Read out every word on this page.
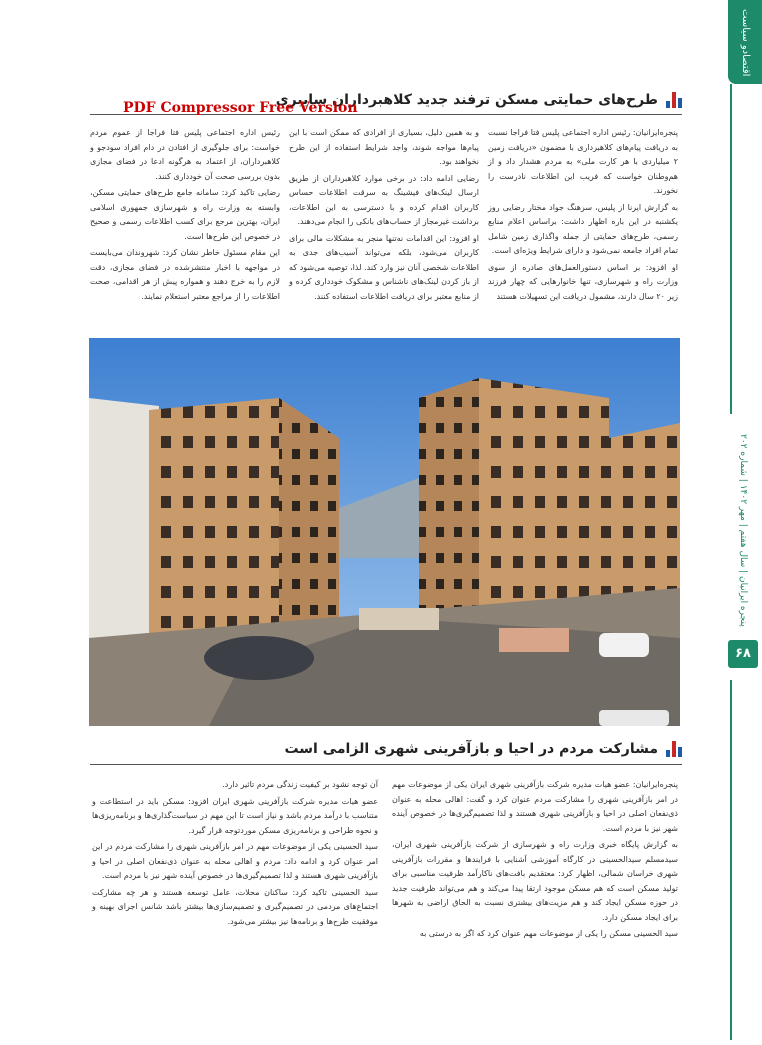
اقتصادو سیاست
پنجره ایرانیان | سال هفتم | مهر ۱۴۰۲ | شماره ۲۰۲
۶۸
طرح‌های حمایتی مسکن ترفند جدید کلاهبرداران سایبری
PDF Compressor Free Version

پنجره‌ایرانیان: رئیس اداره اجتماعی پلیس فتا فراجا نسبت به دریافت پیام‌های کلاهبرداری با مضمون «دریافت زمین ۲ میلیاردی با هر کارت ملی» به مردم هشدار داد و از هم‌وطنان خواست که فریب این اطلاعات نادرست را نخورند.

به گزارش ایرنا از پلیس، سرهنگ جواد مختار رضایی روز یکشنبه در این باره اظهار داشت: براساس اعلام منابع رسمی، طرح‌های حمایتی از جمله واگذاری زمین شامل تمام افراد جامعه نمی‌شود و دارای شرایط ویژه‌ای است.

او افزود: بر اساس دستورالعمل‌های صادره از سوی وزارت راه و شهرسازی، تنها خانوارهایی که چهار فرزند زیر ۲۰ سال دارند، مشمول دریافت این تسهیلات هستند

و به همین دلیل، بسیاری از افرادی که ممکن است با این پیام‌ها مواجه شوند، واجد شرایط استفاده از این طرح نخواهند بود.

رضایی ادامه داد: در برخی موارد کلاهبرداران از طریق ارسال لینک‌های فیشینگ به سرقت اطلاعات حساس کاربران اقدام کرده و با دسترسی به این اطلاعات، برداشت غیرمجاز از حساب‌های بانکی را انجام می‌دهند.

او افزود: این اقدامات نه‌تنها منجر به مشکلات مالی برای کاربران می‌شود، بلکه می‌تواند آسیب‌های جدی به اطلاعات شخصی آنان نیز وارد کند. لذا، توصیه می‌شود که از باز کردن لینک‌های ناشناس و مشکوک خودداری کرده و از منابع معتبر برای دریافت اطلاعات استفاده کنند.

رئیس اداره اجتماعی پلیس فتا فراجا از عموم مردم خواست: برای جلوگیری از افتادن در دام افراد سودجو و کلاهبرداران، از اعتماد به هرگونه ادعا در فضای مجازی بدون بررسی صحت آن خودداری کنند.

رضایی تاکید کرد: سامانه جامع طرح‌های حمایتی مسکن، وابسته به وزارت راه و شهرسازی جمهوری اسلامی ایران، بهترین مرجع برای کسب اطلاعات رسمی و صحیح در خصوص این طرح‌ها است.

این مقام مسئول خاطر نشان کرد: شهروندان می‌بایست در مواجهه با اخبار منتشرشده در فضای مجازی، دقت لازم را به خرج دهند و همواره پیش از هر اقدامی، صحت اطلاعات را از مراجع معتبر استعلام نمایند.

مشارکت مردم در احیا و بازآفرینی شهری الزامی است

پنجره‌ایرانیان: عضو هیات مدیره شرکت بازآفرینی شهری ایران یکی از موضوعات مهم در امر بازآفرینی شهری را مشارکت مردم عنوان کرد و گفت: اهالی محله به عنوان ذی‌نفعان اصلی در احیا و بازآفرینی شهری هستند و لذا تصمیم‌گیری‌ها در خصوص آینده شهر نیز با مردم است.

به گزارش پایگاه خبری وزارت راه و شهرسازی از شرکت بازآفرینی شهری ایران، سیدمسلم سیدالحسینی در کارگاه آموزشی آشنایی با فرایندها و مقررات بازآفرینی شهری خراسان شمالی، اظهار کرد: معتقدیم بافت‌های ناکارآمد ظرفیت مناسبی برای تولید مسکن است که هم مسکن موجود ارتقا پیدا می‌کند و هم می‌تواند ظرفیت جدید در حوزه مسکن ایجاد کند و هم مزیت‌های بیشتری نسبت به الحاق اراضی به شهرها برای ایجاد مسکن دارد.

سید الحسینی مسکن را یکی از موضوعات مهم عنوان کرد که اگر به درستی به

آن توجه نشود بر کیفیت زندگی مردم تاثیر دارد.

عضو هیات مدیره شرکت بازآفرینی شهری ایران افزود: مسکن باید در استطاعت و متناسب با درآمد مردم باشد و نیاز است تا این مهم در سیاست‌گذاری‌ها و برنامه‌ریزی‌ها و نحوه طراحی و برنامه‌ریزی مسکن موردتوجه قرار گیرد.

سید الحسینی یکی از موضوعات مهم در امر بازآفرینی شهری را مشارکت مردم در این امر عنوان کرد و ادامه داد: مردم و اهالی محله به عنوان ذی‌نفعان اصلی در احیا و بازآفرینی شهری هستند و لذا تصمیم‌گیری‌ها در خصوص آینده شهر نیز با مردم است.

سید الحسینی تاکید کرد: ساکنان محلات، عامل توسعه هستند و هر چه مشارکت اجتماع‌های مردمی در تصمیم‌گیری و تصمیم‌سازی‌ها بیشتر باشد شانس اجرای بهینه و موفقیت طرح‌ها و برنامه‌ها نیز بیشتر می‌شود.
